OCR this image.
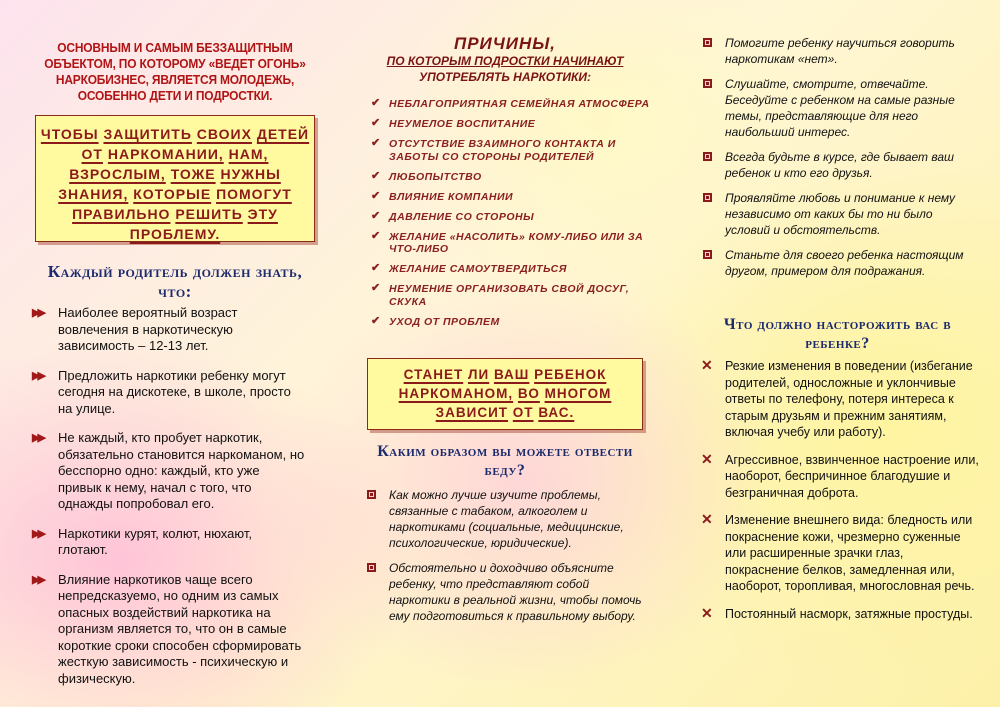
ОСНОВНЫМ И САМЫМ БЕЗЗАЩИТНЫМ ОБЪЕКТОМ, ПО КОТОРОМУ «ВЕДЕТ ОГОНЬ» НАРКОБИЗНЕС, ЯВЛЯЕТСЯ МОЛОДЕЖЬ, ОСОБЕННО ДЕТИ И ПОДРОСТКИ.
ЧТОБЫ ЗАЩИТИТЬ СВОИХ ДЕТЕЙ ОТ НАРКОМАНИИ, НАМ, ВЗРОСЛЫМ, ТОЖЕ НУЖНЫ ЗНАНИЯ, КОТОРЫЕ ПОМОГУТ ПРАВИЛЬНО РЕШИТЬ ЭТУ ПРОБЛЕМУ.
Каждый родитель должен знать, что:
▶▶ Наиболее вероятный возраст вовлечения в наркотическую зависимость – 12-13 лет.
▶▶ Предложить наркотики ребенку могут сегодня на дискотеке, в школе, просто на улице.
▶▶ Не каждый, кто пробует наркотик, обязательно становится наркоманом, но бесспорно одно: каждый, кто уже привык к нему, начал с того, что однажды попробовал его.
▶▶ Наркотики курят, колют, нюхают, глотают.
▶▶ Влияние наркотиков чаще всего непредсказуемо, но одним из самых опасных воздействий наркотика на организм является то, что он в самые короткие сроки способен сформировать жесткую зависимость - психическую и физическую.
ПРИЧИНЫ,
ПО КОТОРЫМ ПОДРОСТКИ НАЧИНАЮТ
УПОТРЕБЛЯТЬ НАРКОТИКИ:
✔ НЕБЛАГОПРИЯТНАЯ СЕМЕЙНАЯ АТМОСФЕРА
✔ НЕУМЕЛОЕ ВОСПИТАНИЕ
✔ ОТСУТСТВИЕ ВЗАИМНОГО КОНТАКТА И ЗАБОТЫ СО СТОРОНЫ РОДИТЕЛЕЙ
✔ ЛЮБОПЫТСТВО
✔ ВЛИЯНИЕ КОМПАНИИ
✔ ДАВЛЕНИЕ СО СТОРОНЫ
✔ ЖЕЛАНИЕ «НАСОЛИТЬ» КОМУ-ЛИБО ИЛИ ЗА ЧТО-ЛИБО
✔ ЖЕЛАНИЕ САМОУТВЕРДИТЬСЯ
✔ НЕУМЕНИЕ ОРГАНИЗОВАТЬ СВОЙ ДОСУГ, СКУКА
✔ УХОД ОТ ПРОБЛЕМ
СТАНЕТ ЛИ ВАШ РЕБЕНОК НАРКОМАНОМ, ВО МНОГОМ ЗАВИСИТ ОТ ВАС.
Каким образом вы можете отвести беду?
Как можно лучше изучите проблемы, связанные с табаком, алкоголем и наркотиками (социальные, медицинские, психологические, юридические).
Обстоятельно и доходчиво объясните ребенку, что представляют собой наркотики в реальной жизни, чтобы помочь ему подготовиться к правильному выбору.
Помогите ребенку научиться говорить наркотикам «нет».
Слушайте, смотрите, отвечайте. Беседуйте с ребенком на самые разные темы, представляющие для него наибольший интерес.
Всегда будьте в курсе, где бывает ваш ребенок и кто его друзья.
Проявляйте любовь и понимание к нему независимо от каких бы то ни было условий и обстоятельств.
Станьте для своего ребенка настоящим другом, примером для подражания.
Что должно насторожить вас в ребенке?
✕ Резкие изменения в поведении (избегание родителей, односложные и уклончивые ответы по телефону, потеря интереса к старым друзьям и прежним занятиям, включая учебу или работу).
✕ Агрессивное, взвинченное настроение или, наоборот, беспричинное благодушие и безграничная доброта.
✕ Изменение внешнего вида: бледность или покраснение кожи, чрезмерно суженные или расширенные зрачки глаз, покраснение белков, замедленная или, наоборот, торопливая, многословная речь.
✕ Постоянный насморк, затяжные простуды.
